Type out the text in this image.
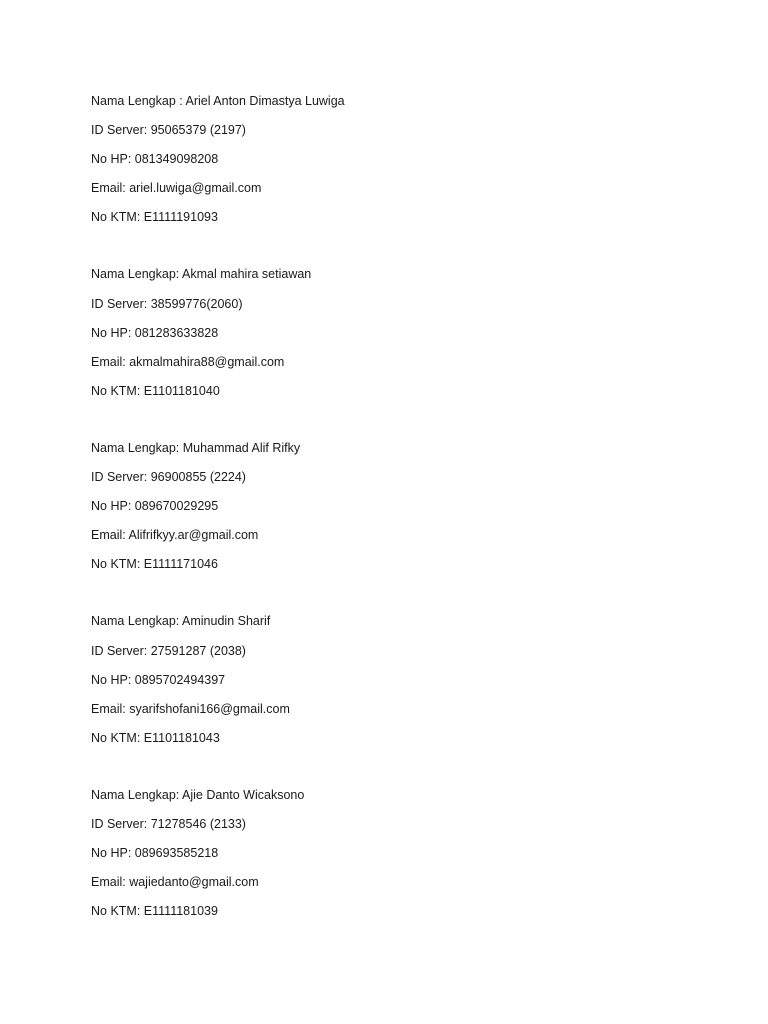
Nama Lengkap : Ariel Anton Dimastya Luwiga
ID Server: 95065379 (2197)
No HP: 081349098208
Email: ariel.luwiga@gmail.com
No KTM: E1111191093
Nama Lengkap: Akmal mahira setiawan
ID Server: 38599776(2060)
No HP: 081283633828
Email: akmalmahira88@gmail.com
No KTM: E1101181040
Nama Lengkap: Muhammad Alif Rifky
ID Server: 96900855 (2224)
No HP: 089670029295
Email: Alifrifkyy.ar@gmail.com
No KTM: E1111171046
Nama Lengkap: Aminudin Sharif
ID Server: 27591287 (2038)
No HP: 0895702494397
Email: syarifshofani166@gmail.com
No KTM: E1101181043
Nama Lengkap: Ajie Danto Wicaksono
ID Server: 71278546 (2133)
No HP: 089693585218
Email: wajiedanto@gmail.com
No KTM: E1111181039
